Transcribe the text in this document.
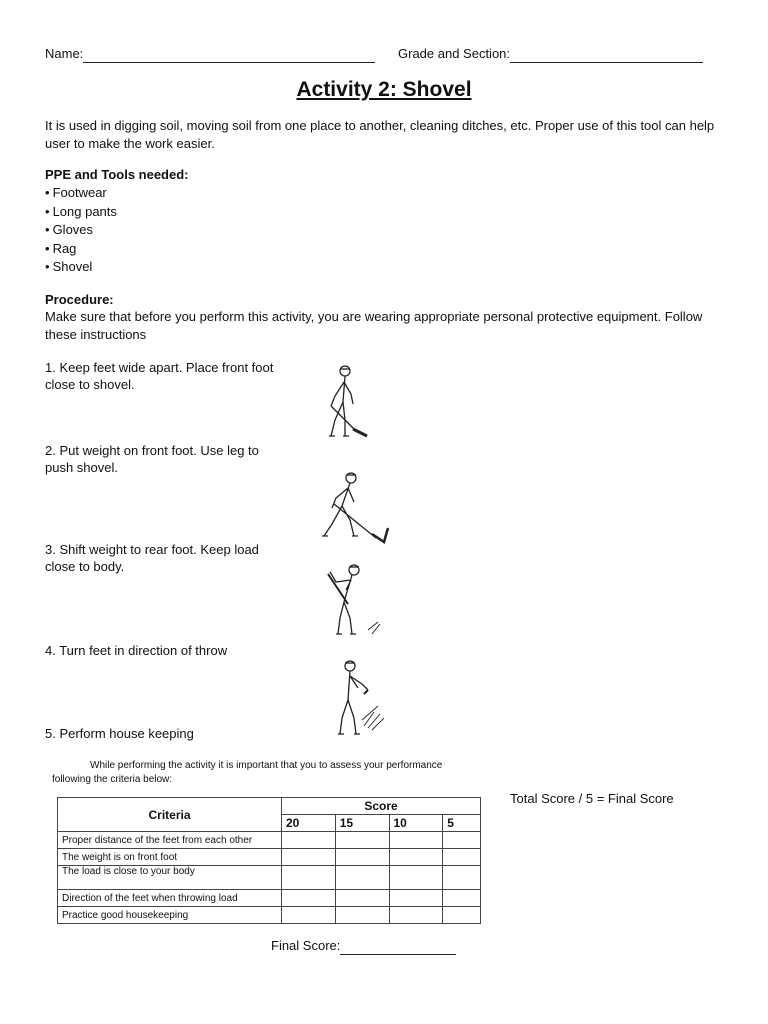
Name:	Grade and Section:
Activity 2: Shovel
It is used in digging soil, moving soil from one place to another, cleaning ditches, etc. Proper use of this tool can help user to make the work easier.
PPE and Tools needed:
• Footwear
• Long pants
• Gloves
• Rag
• Shovel
Procedure:
Make sure that before you perform this activity, you are wearing appropriate personal protective equipment. Follow these instructions
1. Keep feet wide apart. Place front foot close to shovel.
2. Put weight on front foot. Use leg to push shovel.
3. Shift weight to rear foot. Keep load close to body.
4. Turn feet in direction of throw
5. Perform house keeping
While performing the activity it is important that you to assess your performance
following the criteria below:
Criteria	Score			
	20	15	10	5
Proper distance of the feet from each other				
The weight is on front foot				
The load is close to your body				
Direction of the feet when throwing load				
Practice good housekeeping				
Total Score / 5 = Final Score
Final Score:
